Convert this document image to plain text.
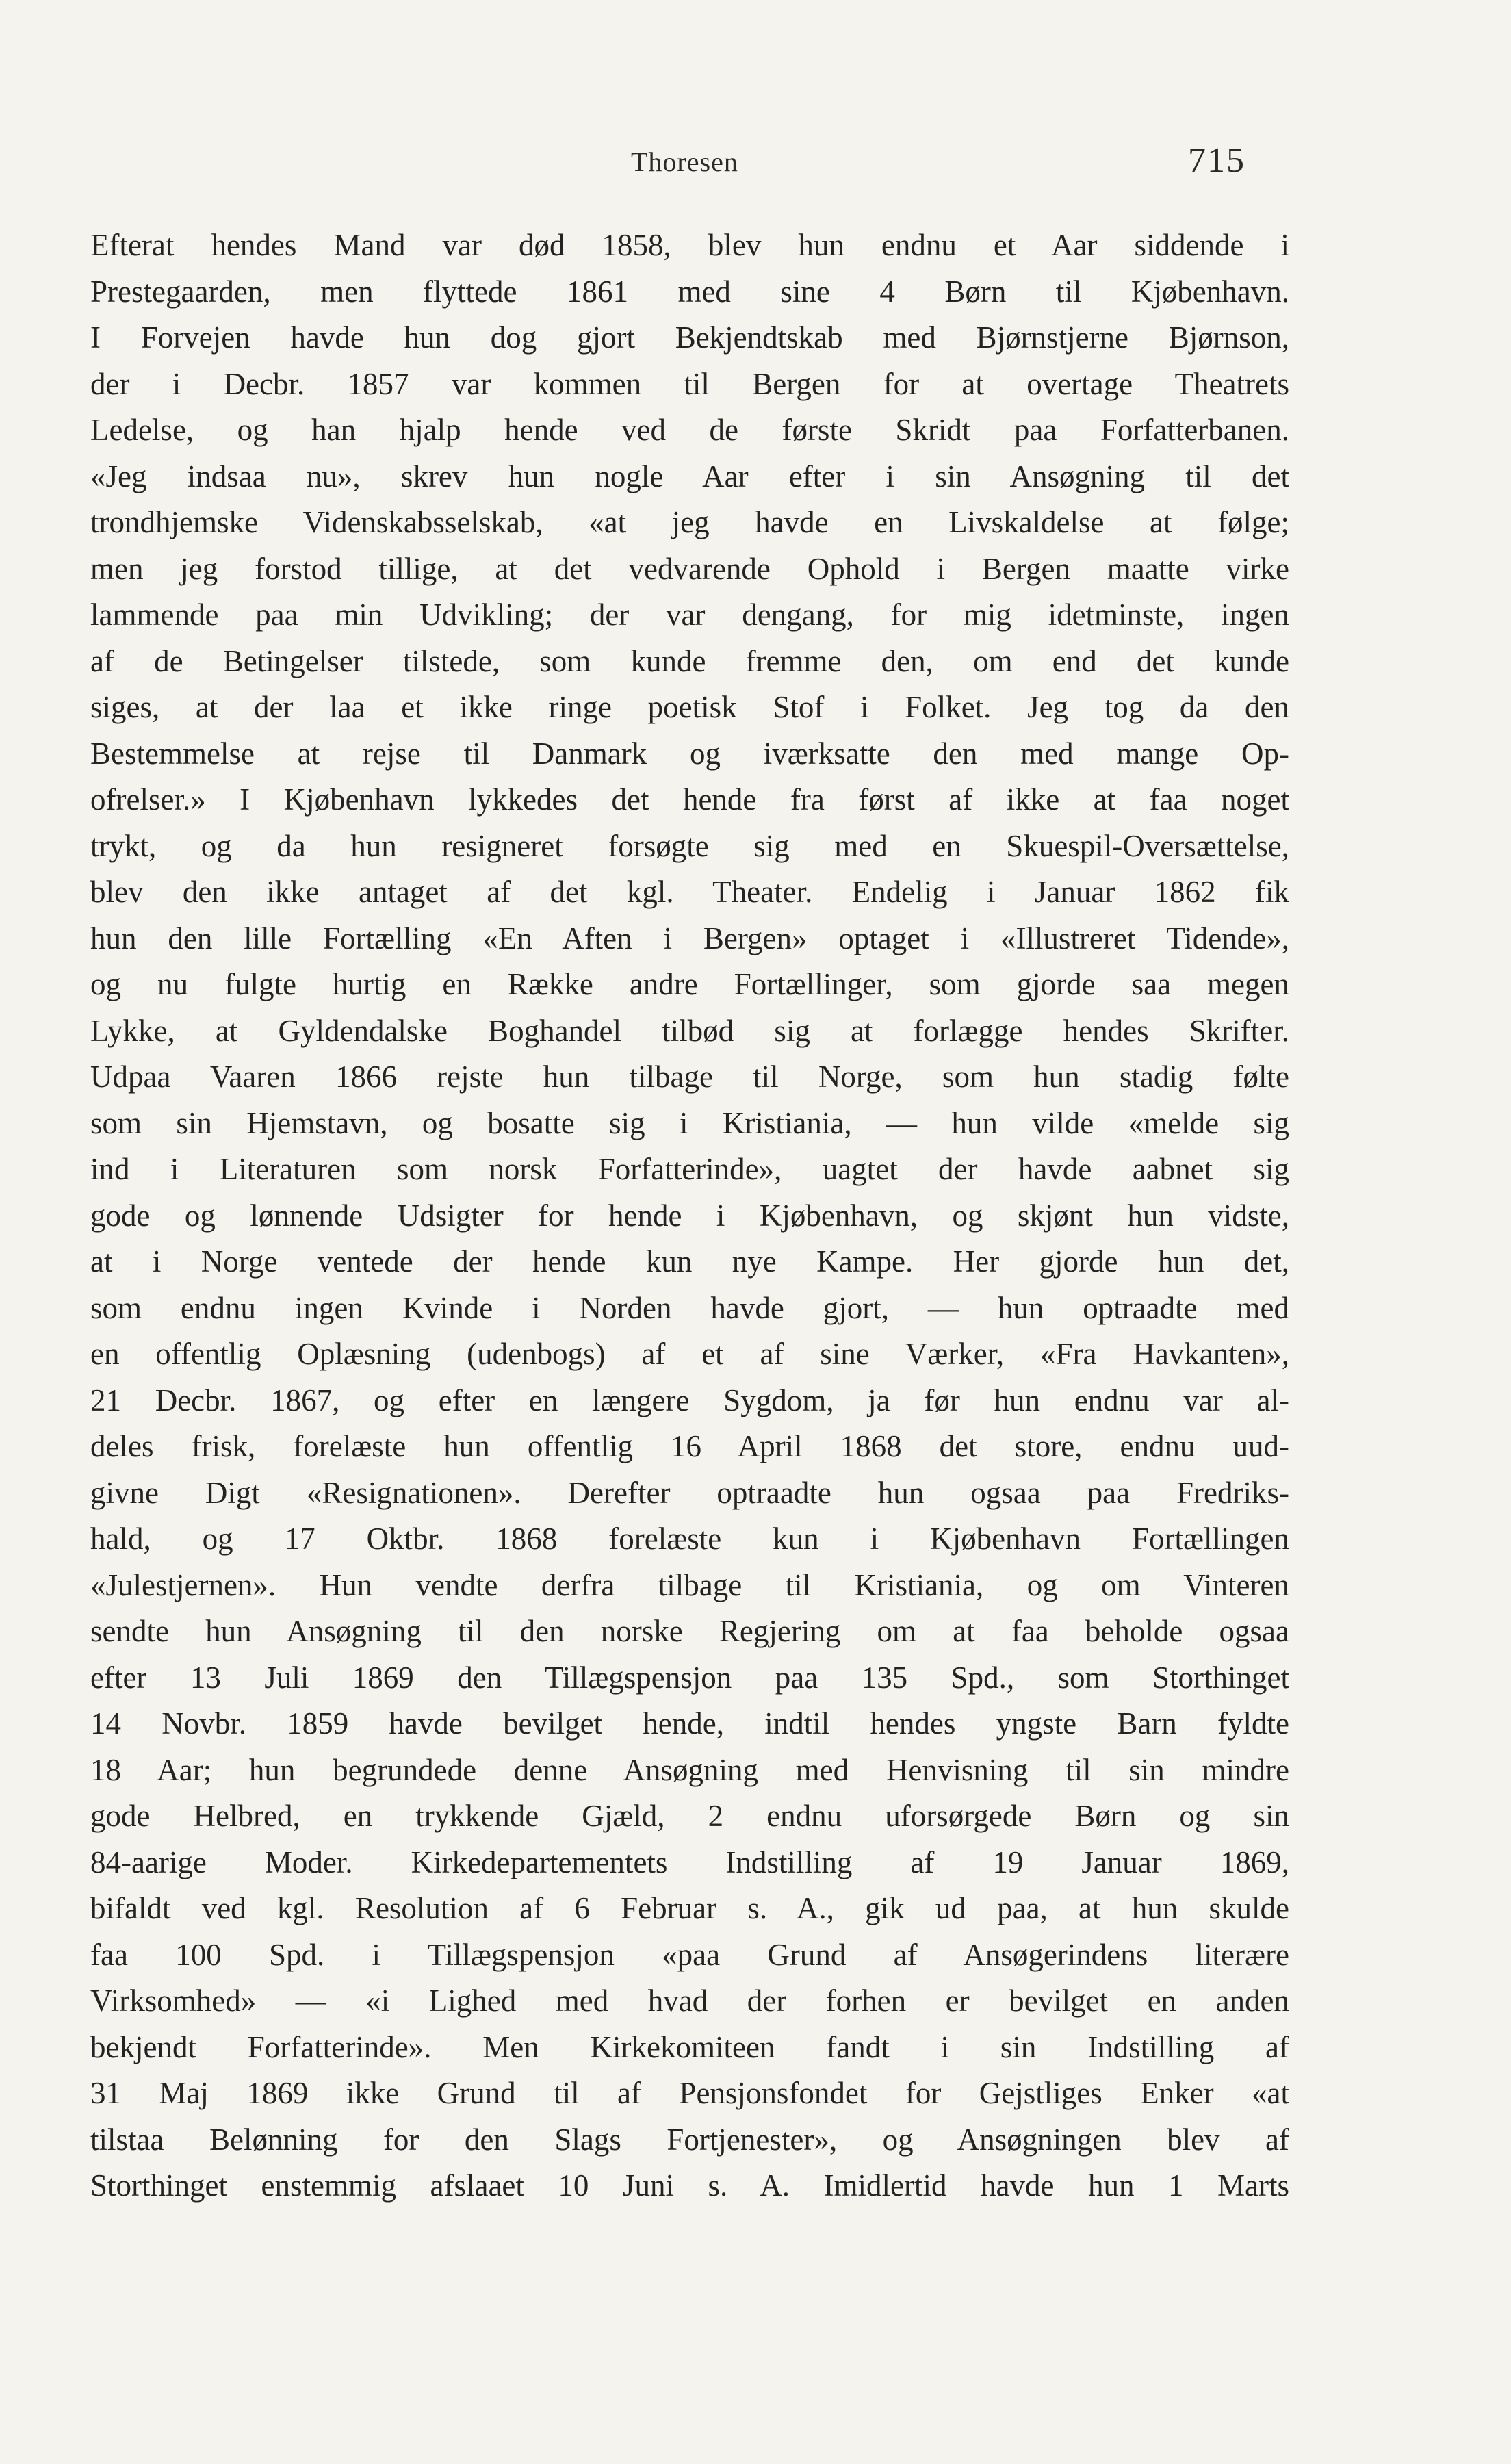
Thoresen	715
Efterat hendes Mand var død 1858, blev hun endnu et Aar siddende i
Prestegaarden, men flyttede 1861 med sine 4 Børn til Kjøbenhavn.
I Forvejen havde hun dog gjort Bekjendtskab med Bjørnstjerne Bjørnson,
der i Decbr. 1857 var kommen til Bergen for at overtage Theatrets
Ledelse, og han hjalp hende ved de første Skridt paa Forfatterbanen.
«Jeg indsaa nu», skrev hun nogle Aar efter i sin Ansøgning til det
trondhjemske Videnskabsselskab, «at jeg havde en Livskaldelse at følge;
men jeg forstod tillige, at det vedvarende Ophold i Bergen maatte virke
lammende paa min Udvikling; der var dengang, for mig idetminste, ingen
af de Betingelser tilstede, som kunde fremme den, om end det kunde
siges, at der laa et ikke ringe poetisk Stof i Folket. Jeg tog da den
Bestemmelse at rejse til Danmark og iværksatte den med mange Op-
ofrelser.» I Kjøbenhavn lykkedes det hende fra først af ikke at faa noget
trykt, og da hun resigneret forsøgte sig med en Skuespil-Oversættelse,
blev den ikke antaget af det kgl. Theater. Endelig i Januar 1862 fik
hun den lille Fortælling «En Aften i Bergen» optaget i «Illustreret Tidende»,
og nu fulgte hurtig en Række andre Fortællinger, som gjorde saa megen
Lykke, at Gyldendalske Boghandel tilbød sig at forlægge hendes Skrifter.
Udpaa Vaaren 1866 rejste hun tilbage til Norge, som hun stadig følte
som sin Hjemstavn, og bosatte sig i Kristiania, — hun vilde «melde sig
ind i Literaturen som norsk Forfatterinde», uagtet der havde aabnet sig
gode og lønnende Udsigter for hende i Kjøbenhavn, og skjønt hun vidste,
at i Norge ventede der hende kun nye Kampe. Her gjorde hun det,
som endnu ingen Kvinde i Norden havde gjort, — hun optraadte med
en offentlig Oplæsning (udenbogs) af et af sine Værker, «Fra Havkanten»,
21 Decbr. 1867, og efter en længere Sygdom, ja før hun endnu var al-
deles frisk, forelæste hun offentlig 16 April 1868 det store, endnu uud-
givne Digt «Resignationen». Derefter optraadte hun ogsaa paa Fredriks-
hald, og 17 Oktbr. 1868 forelæste kun i Kjøbenhavn Fortællingen
«Julestjernen». Hun vendte derfra tilbage til Kristiania, og om Vinteren
sendte hun Ansøgning til den norske Regjering om at faa beholde ogsaa
efter 13 Juli 1869 den Tillægspensjon paa 135 Spd., som Storthinget
14 Novbr. 1859 havde bevilget hende, indtil hendes yngste Barn fyldte
18 Aar; hun begrundede denne Ansøgning med Henvisning til sin mindre
gode Helbred, en trykkende Gjæld, 2 endnu uforsørgede Børn og sin
84-aarige Moder. Kirkedepartementets Indstilling af 19 Januar 1869,
bifaldt ved kgl. Resolution af 6 Februar s. A., gik ud paa, at hun skulde
faa 100 Spd. i Tillægspensjon «paa Grund af Ansøgerindens literære
Virksomhed» — «i Lighed med hvad der forhen er bevilget en anden
bekjendt Forfatterinde». Men Kirkekomiteen fandt i sin Indstilling af
31 Maj 1869 ikke Grund til af Pensjonsfondet for Gejstliges Enker «at
tilstaa Belønning for den Slags Fortjenester», og Ansøgningen blev af
Storthinget enstemmig afslaaet 10 Juni s. A. Imidlertid havde hun 1 Marts
